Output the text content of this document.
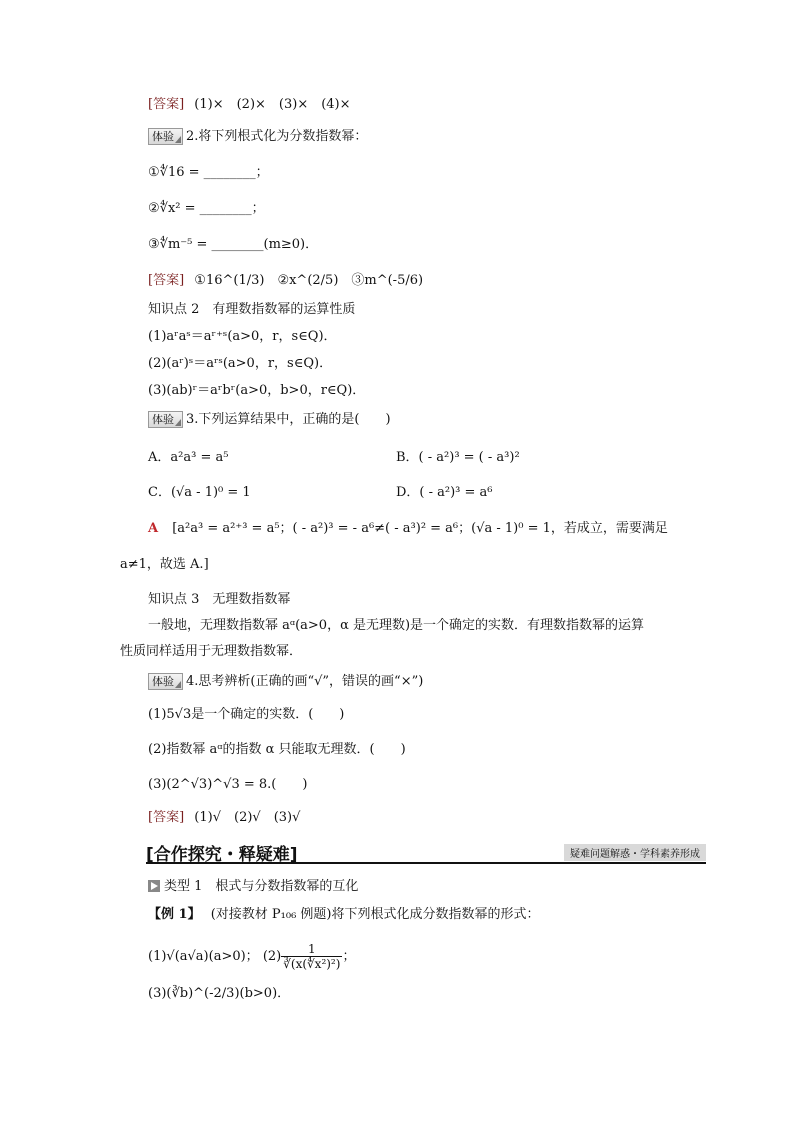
[答案] (1)×　(2)×　(3)×　(4)×
体验 2.将下列根式化为分数指数幂：
①∜16 = ________；
②∜x² = ________；
③∜m⁻⁵ = ________(m≥0)．
[答案] ①16^(1/3)　②x^(2/5)　③m^(-5/6)
知识点 2　有理数指数幂的运算性质
(1)aʳaˢ＝aʳ⁺ˢ(a>0，r，s∈Q)．
(2)(aʳ)ˢ＝aʳˢ(a>0，r，s∈Q)．
(3)(ab)ʳ＝aʳbʳ(a>0，b>0，r∈Q)．
体验 3.下列运算结果中，正确的是(　　)
A．a²a³ = a⁵	B．( - a²)³ = ( - a³)²
C．(√a - 1)⁰ = 1	D．( - a²)³ = a⁶
A [a²a³ = a²⁺³ = a⁵；( - a²)³ = - a⁶≠( - a³)² = a⁶；(√a - 1)⁰ = 1，若成立，需要满足
a≠1，故选 A.]
知识点 3　无理数指数幂
一般地，无理数指数幂 aᵅ(a>0，α 是无理数)是一个确定的实数．有理数指数幂的运算
性质同样适用于无理数指数幂．
体验 4.思考辨析(正确的画“√”，错误的画“×”)
(1)5√3是一个确定的实数．(　　)
(2)指数幂 aᵅ的指数 α 只能取无理数．(　　)
(3)(2^√3)^√3 = 8.(　　)
[答案] (1)√　(2)√　(3)√
[合作探究・释疑难]	疑难问题解惑・学科素养形成
类型 1　根式与分数指数幂的互化
【例 1】 (对接教材 P₁₀₆ 例题)将下列根式化成分数指数幂的形式：
(1)√(a√a)(a>0)； $(2) \frac{1}{\text{∛(x(∜x²)²)}}$ ；
(3)(∛b)^(-2/3)(b>0)．
